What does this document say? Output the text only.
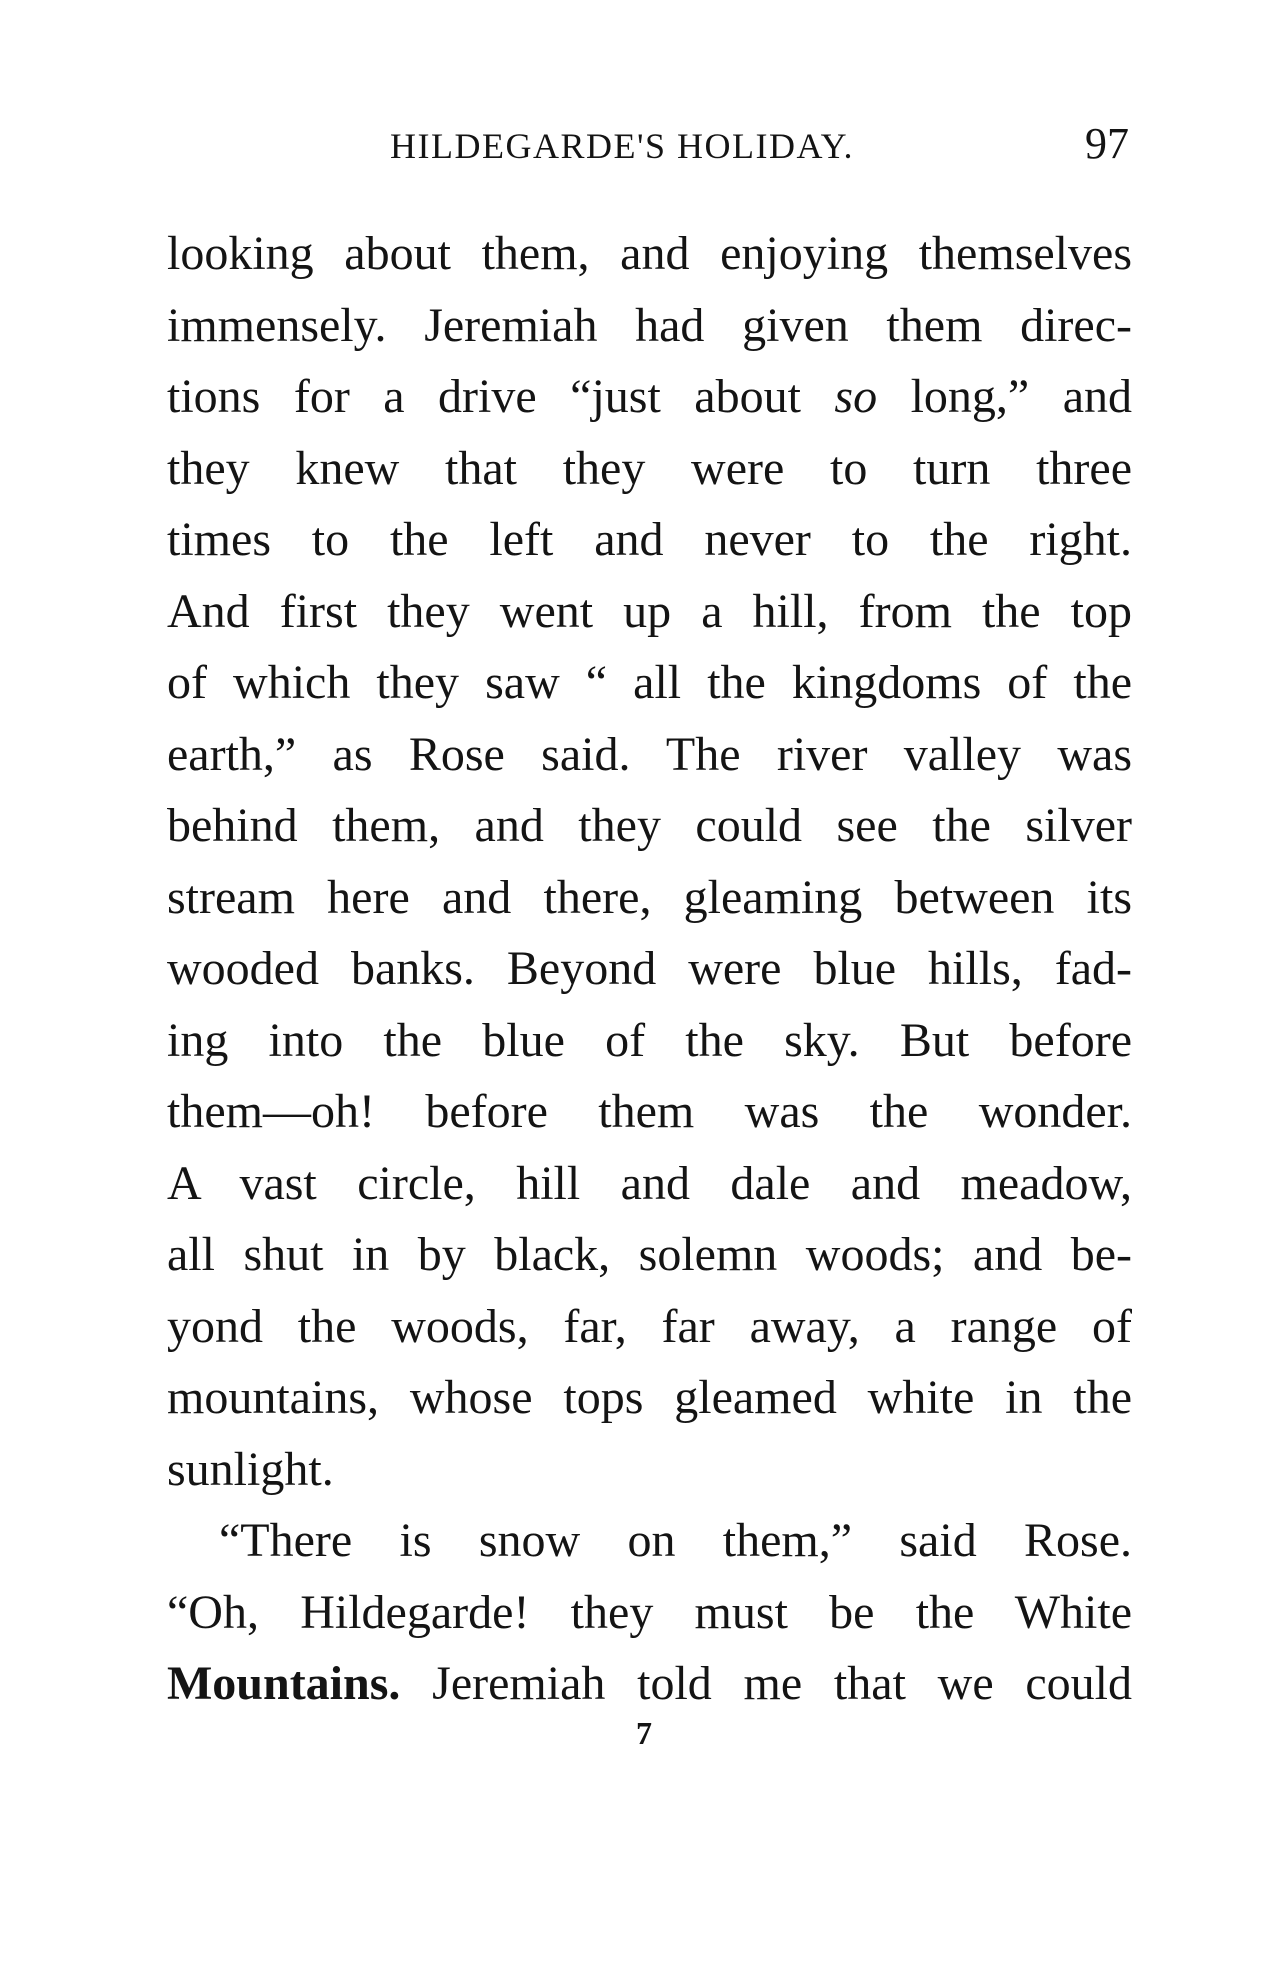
HILDEGARDE'S HOLIDAY.	97
looking about them, and enjoying themselves
immensely. Jeremiah had given them direc-
tions for a drive “just about so long,” and
they knew that they were to turn three
times to the left and never to the right.
And first they went up a hill, from the top
of which they saw “ all the kingdoms of the
earth,” as Rose said. The river valley was
behind them, and they could see the silver
stream here and there, gleaming between its
wooded banks. Beyond were blue hills, fad-
ing into the blue of the sky. But before
them—oh! before them was the wonder.
A vast circle, hill and dale and meadow,
all shut in by black, solemn woods; and be-
yond the woods, far, far away, a range of
mountains, whose tops gleamed white in the
sunlight.
“There is snow on them,” said Rose.
“Oh, Hildegarde! they must be the White
Mountains. Jeremiah told me that we could
7
